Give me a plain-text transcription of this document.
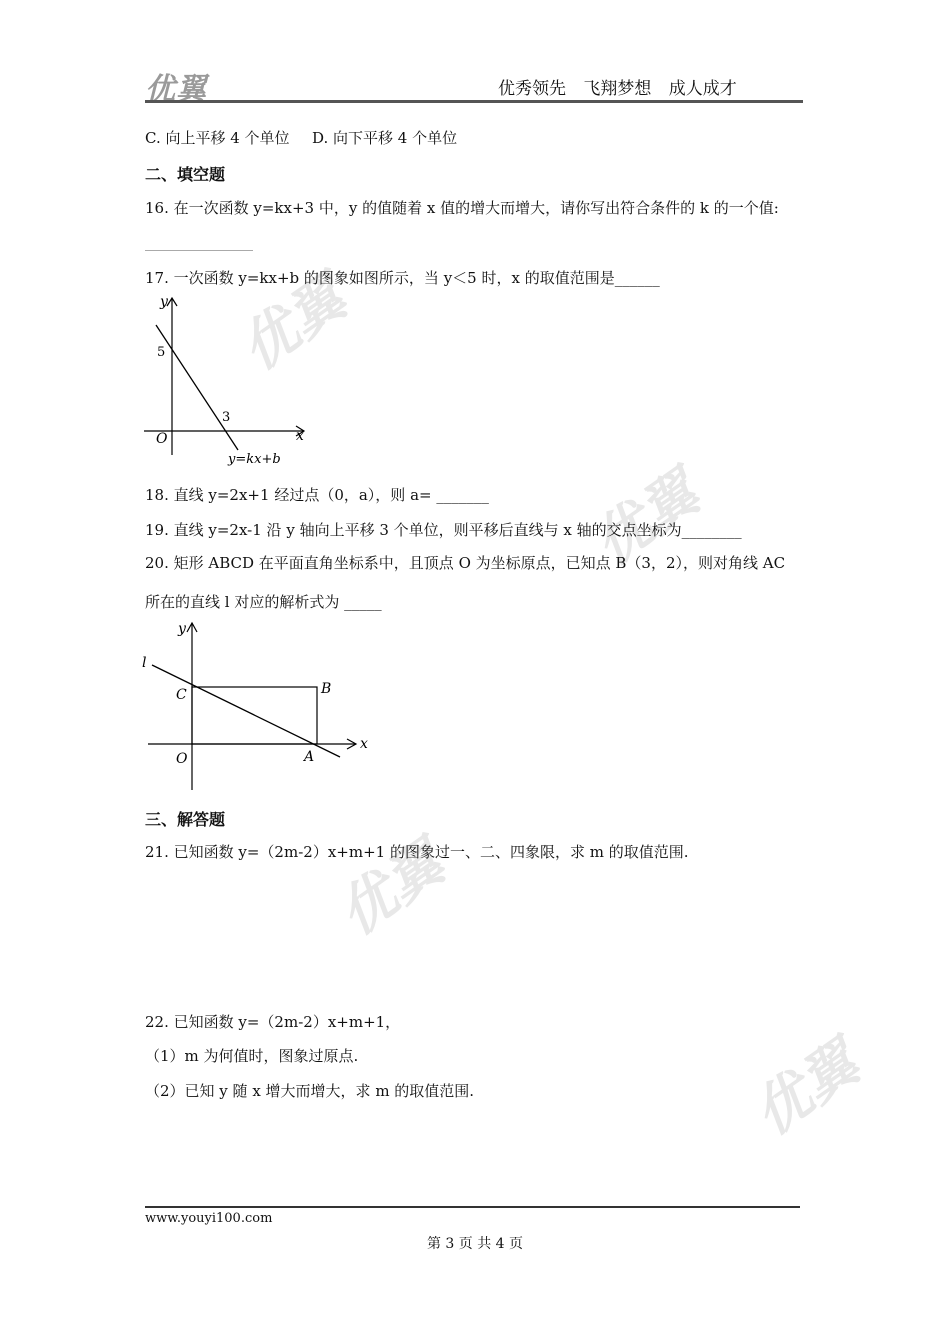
优翼	优秀领先 飞翔梦想 成人成才
优翼
优翼
优翼
优翼
C. 向上平移 4 个单位 D. 向下平移 4 个单位
二、填空题
16. 在一次函数 y=kx+3 中，y 的值随着 x 值的增大而增大，请你写出符合条件的 k 的一个值:
17. 一次函数 y=kx+b 的图象如图所示，当 y＜5 时，x 的取值范围是______
y
x
O
5
3
y=kx+b
18. 直线 y=2x+1 经过点（0，a），则 a= _______
19. 直线 y=2x-1 沿 y 轴向上平移 3 个单位，则平移后直线与 x 轴的交点坐标为________
20. 矩形 ABCD 在平面直角坐标系中，且顶点 O 为坐标原点，已知点 B（3，2），则对角线 AC
所在的直线 l 对应的解析式为 _____
l
y
x
C	B
A
O
三、解答题
21. 已知函数 y=（2m-2）x+m+1 的图象过一、二、四象限，求 m 的取值范围.
22. 已知函数 y=（2m-2）x+m+1，
（1）m 为何值时，图象过原点.
（2）已知 y 随 x 增大而增大，求 m 的取值范围.
www.youyi100.com
第 3 页 共 4 页
